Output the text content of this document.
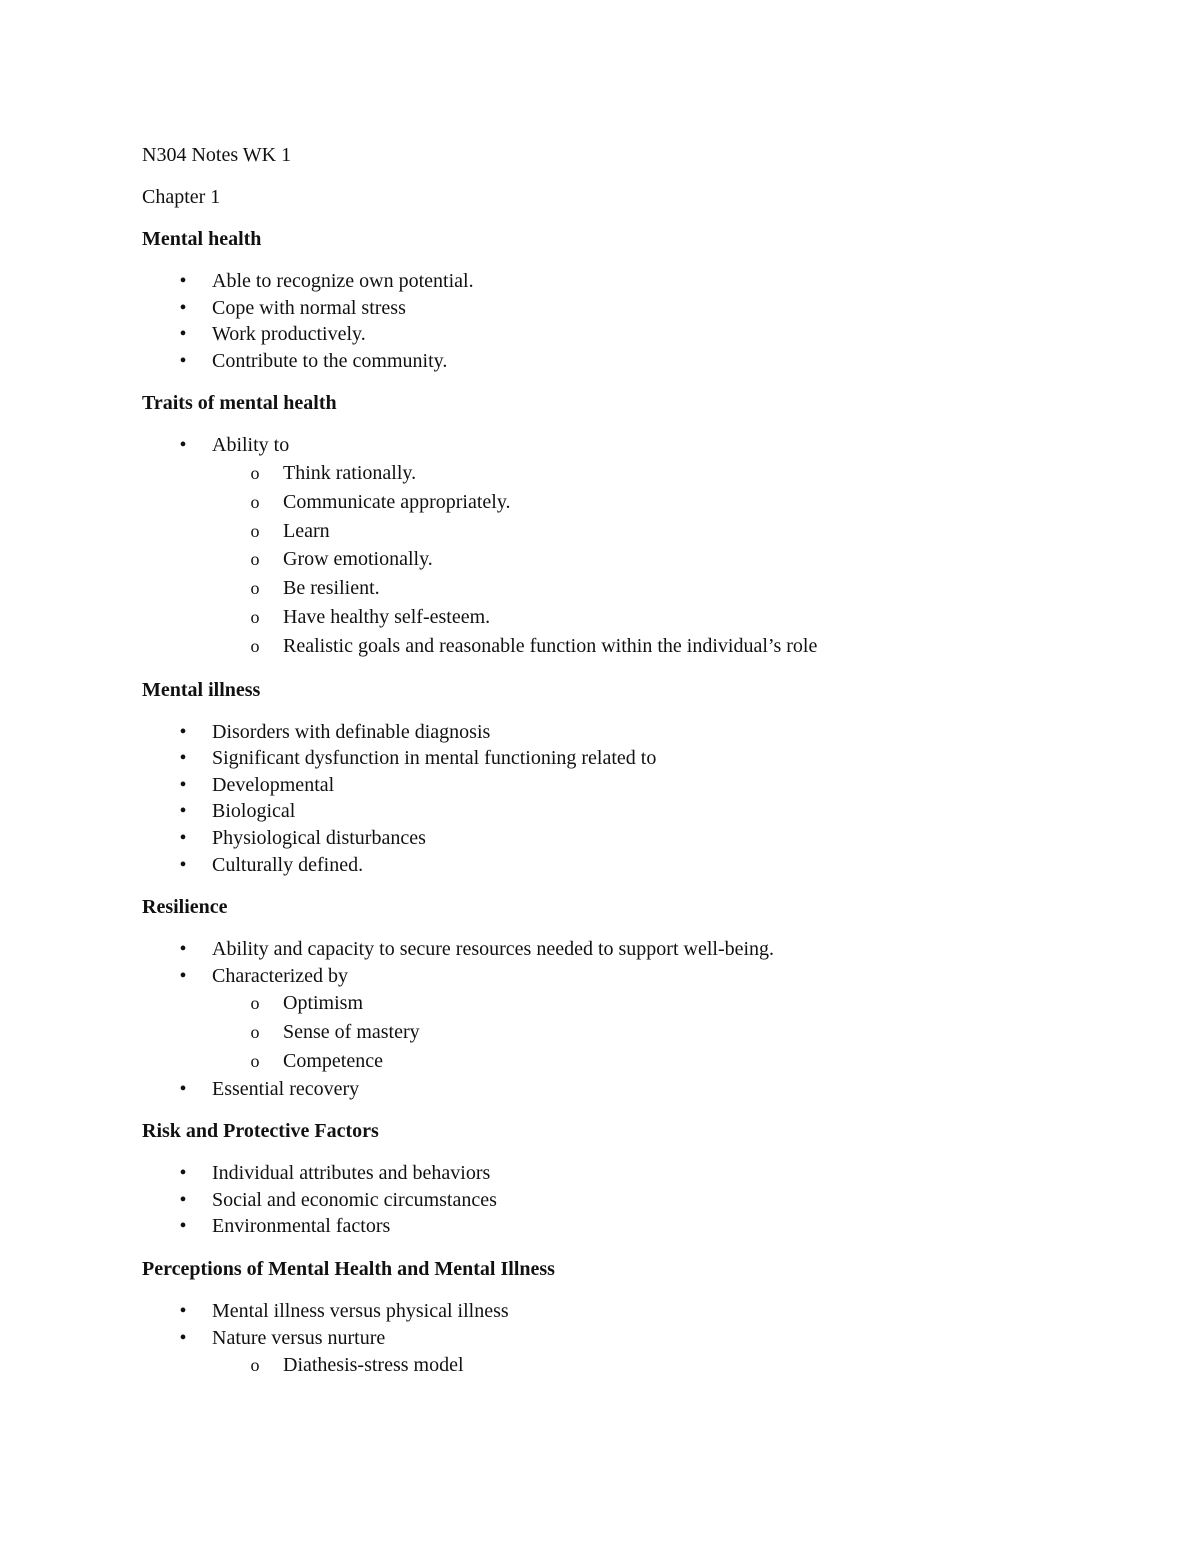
N304 Notes WK 1
Chapter 1
Mental health
• Able to recognize own potential.
• Cope with normal stress
• Work productively.
• Contribute to the community.
Traits of mental health
• Ability to
o Think rationally.
o Communicate appropriately.
o Learn
o Grow emotionally.
o Be resilient.
o Have healthy self-esteem.
o Realistic goals and reasonable function within the individual’s role
Mental illness
• Disorders with definable diagnosis
• Significant dysfunction in mental functioning related to
• Developmental
• Biological
• Physiological disturbances
• Culturally defined.
Resilience
• Ability and capacity to secure resources needed to support well-being.
• Characterized by
o Optimism
o Sense of mastery
o Competence
• Essential recovery
Risk and Protective Factors
• Individual attributes and behaviors
• Social and economic circumstances
• Environmental factors
Perceptions of Mental Health and Mental Illness
• Mental illness versus physical illness
• Nature versus nurture
o Diathesis-stress model
